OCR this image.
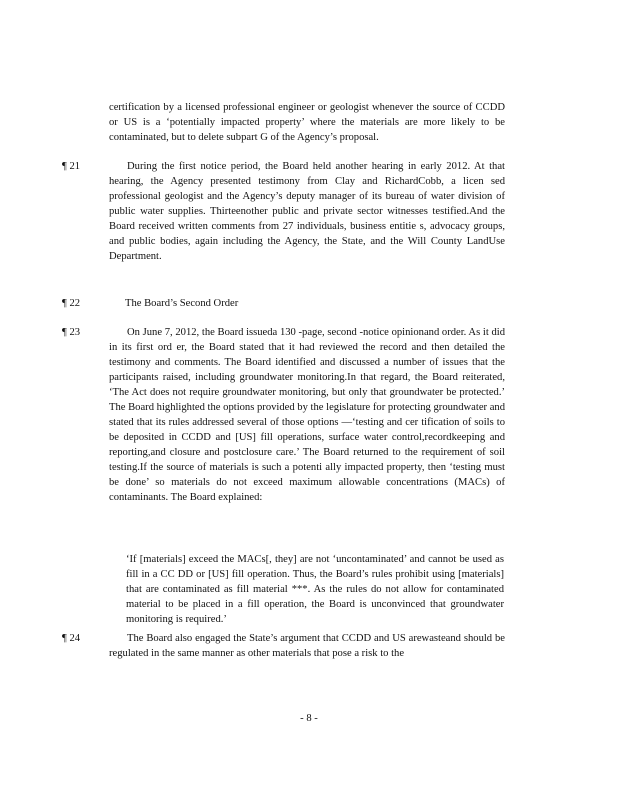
certification by a licensed professional engineer or geologist whenever the source of CCDD or US is a ‘potentially impacted property’ where the materials are more likely to be contaminated, but to delete subpart G of the Agency’s proposal.

¶ 21	During the first notice period, the Board held another hearing in early 2012. At that hearing, the Agency presented testimony from Clay and RichardCobb, a licen sed professional geologist and the Agency’s deputy manager of its bureau of water division of public water supplies. Thirteenother public and private sector witnesses testified.And the Board received written comments from 27 individuals, business entitie s, advocacy groups, and public bodies, again including the Agency, the State, and the Will County LandUse Department.

¶ 22	The Board’s Second Order
¶ 23	On June 7, 2012, the Board issueda 130 -page, second -notice opinionand order. As it did in its first ord er, the Board stated that it had reviewed the record and then detailed the testimony and comments. The Board identified and discussed a number of issues that the participants raised, including groundwater monitoring.In that regard, the Board reiterated, ‘The Act does not require groundwater monitoring, but only that groundwater be protected.’ The Board highlighted the options provided by the legislature for protecting groundwater and stated that its rules addressed several of those options —‘testing and cer tification of soils to be deposited in CCDD and [US] fill operations, surface water control,recordkeeping and reporting,and closure and postclosure care.’ The Board returned to the requirement of soil testing.If the source of materials is such a potenti ally impacted property, then ‘testing must be done’ so materials do not exceed maximum allowable concentrations (MACs) of contaminants. The Board explained:

‘If [materials] exceed the MACs[, they] are not ‘uncontaminated’ and cannot be used as fill in a CC DD or [US] fill operation. Thus, the Board’s rules prohibit using [materials] that are contaminated as fill material ***. As the rules do not allow for contaminated material to be placed in a fill operation, the Board is unconvinced that groundwater monitoring is required.’

¶ 24	The Board also engaged the State’s argument that CCDD and US arewasteand should be regulated in the same manner as other materials that pose a risk to the

- 8 -
